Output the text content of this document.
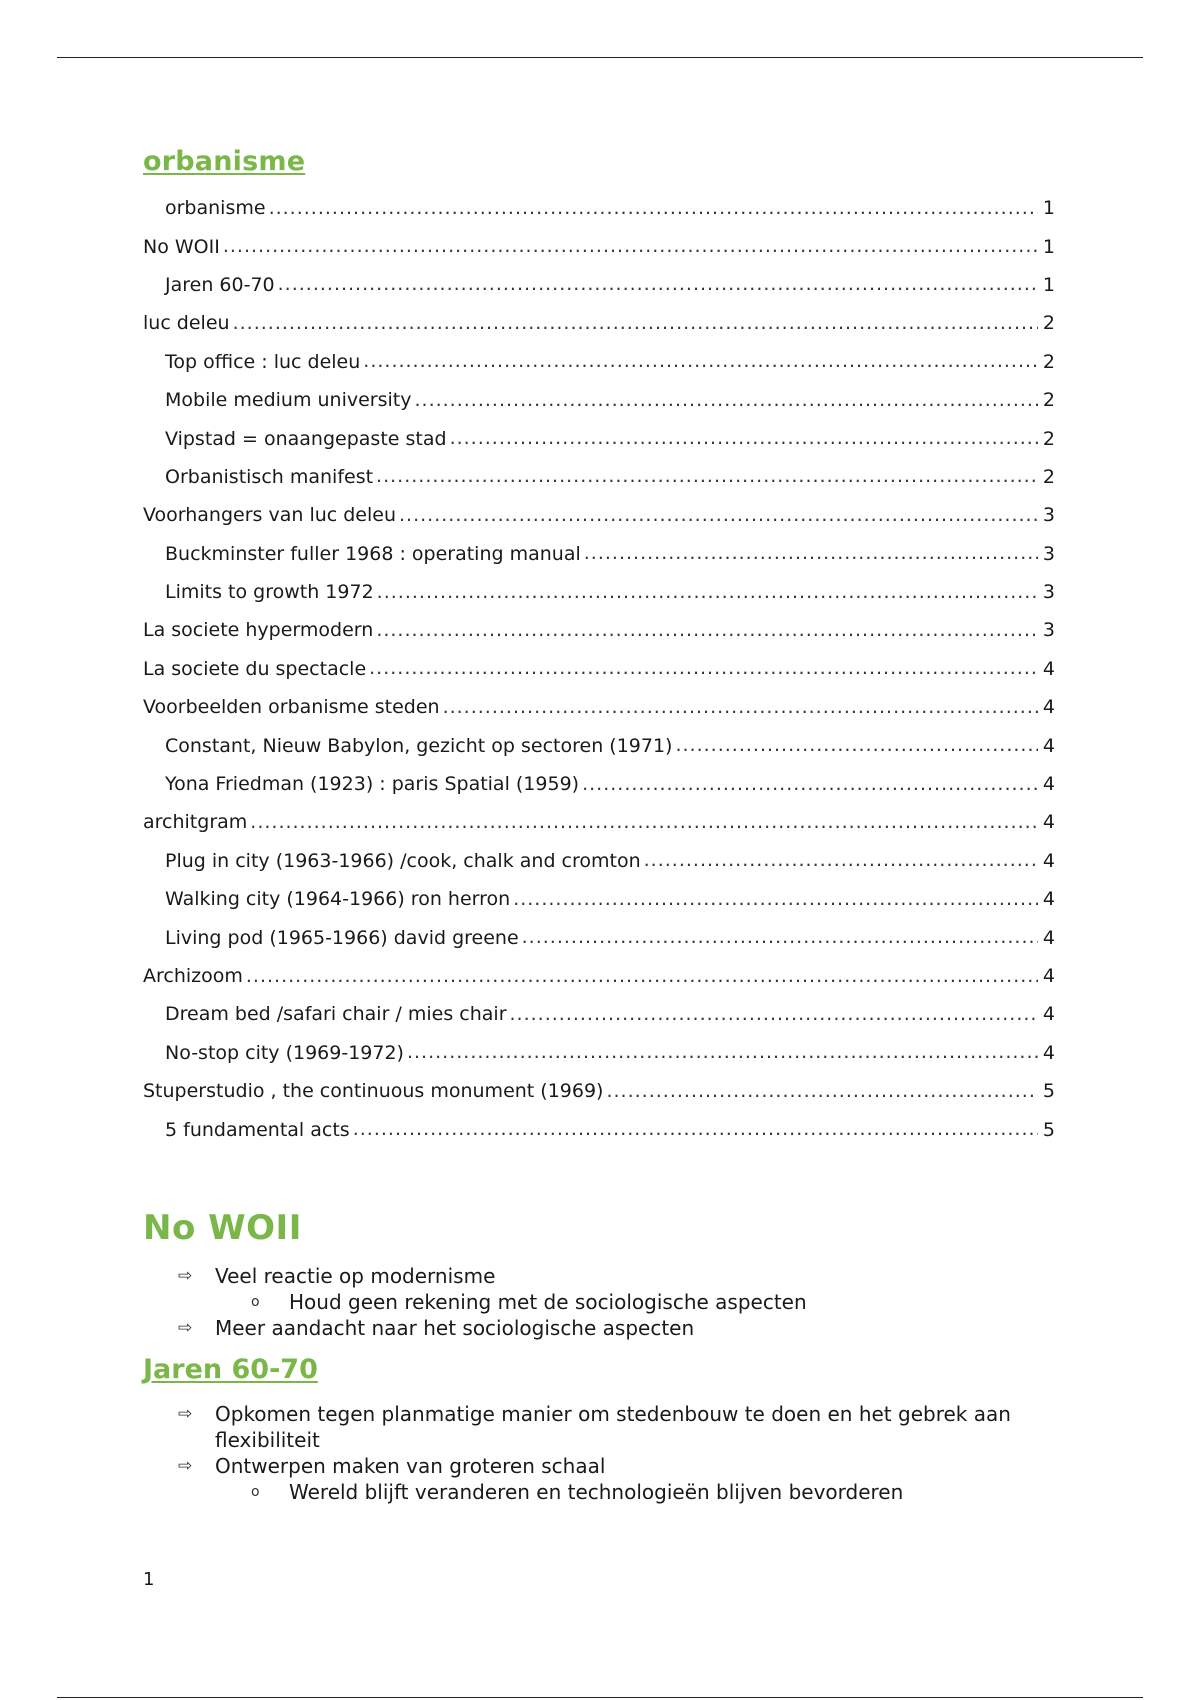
orbanisme
orbanisme .....	1
No WOII .....	1
Jaren 60-70 .....	1
luc deleu .....	2
Top office : luc deleu .....	2
Mobile medium university .....	2
Vipstad = onaangepaste stad .....	2
Orbanistisch manifest .....	2
Voorhangers van luc deleu .....	3
Buckminster fuller 1968 : operating manual .....	3
Limits to growth 1972 .....	3
La societe hypermodern .....	3
La societe du spectacle .....	4
Voorbeelden orbanisme steden .....	4
Constant, Nieuw Babylon, gezicht op sectoren (1971) .....	4
Yona Friedman (1923) : paris Spatial (1959) .....	4
architgram .....	4
Plug in city (1963-1966) /cook, chalk and cromton .....	4
Walking city (1964-1966) ron herron .....	4
Living pod (1965-1966) david greene .....	4
Archizoom .....	4
Dream bed /safari chair / mies chair .....	4
No-stop city (1969-1972) .....	4
Stuperstudio , the continuous monument (1969) .....	5
5 fundamental acts .....	5
No WOII
⇨ Veel reactie op modernisme
o Houd geen rekening met de sociologische aspecten
⇨ Meer aandacht naar het sociologische aspecten
Jaren 60-70
⇨ Opkomen tegen planmatige manier om stedenbouw te doen en het gebrek aan flexibiliteit
⇨ Ontwerpen maken van groteren schaal
o Wereld blijft veranderen en technologieën blijven bevorderen
1
